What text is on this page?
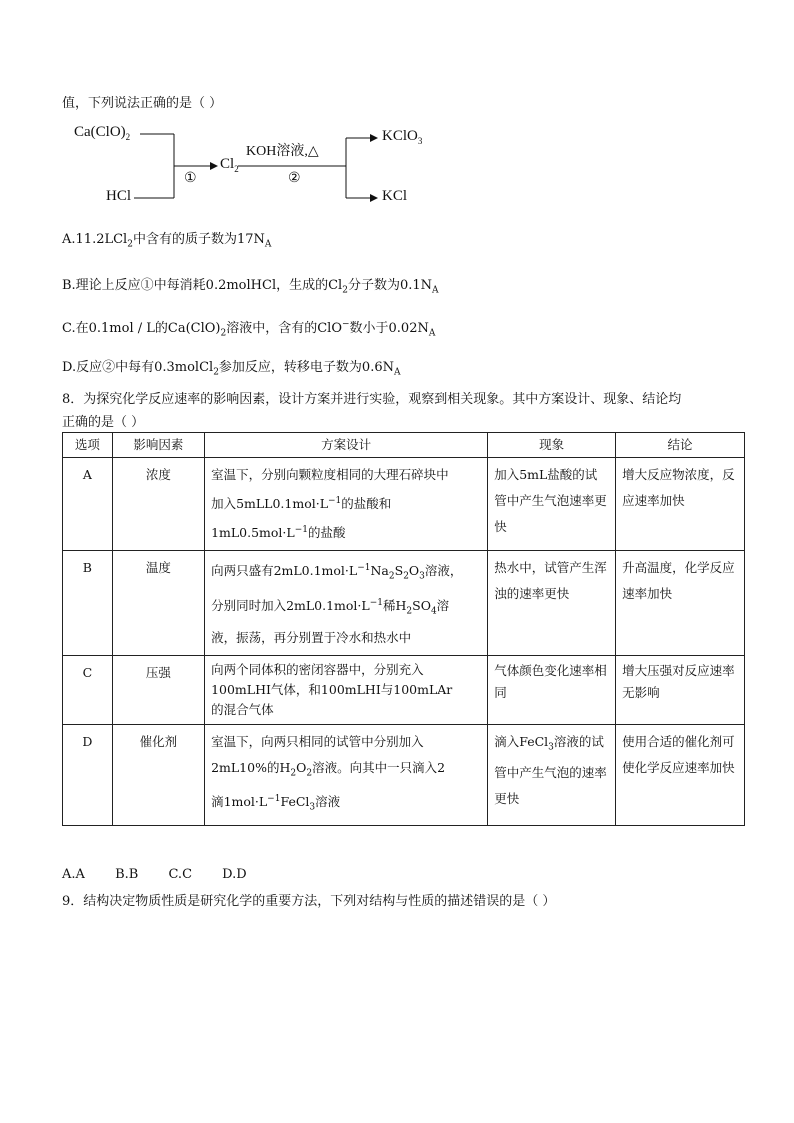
值，下列说法正确的是（ ）
$Ca(ClO)_2$
HCl
①
$Cl_2$
KOH溶液,△
②
KClO$_3$
KCl
A.11.2LCl$_2$中含有的质子数为$17N_A$
B.理论上反应①中每消耗0.2molHCl，生成的$Cl_2$分子数为$0.1N_A$
C.在0.1mol / L的$Ca(ClO)_2$溶液中，含有的ClO−数小于$0.02N_A$
D.反应②中每有0.3molCl$_2$参加反应，转移电子数为$0.6N_A$
8．为探究化学反应速率的影响因素，设计方案并进行实验，观察到相关现象。其中方案设计、现象、结论均
正确的是（ ）
选项	影响因素	方案设计	现象	结论
A	浓度	室温下，分别向颗粒度相同的大理石碎块中
加入$5mLL0.1mol\cdot L^{-1}$的盐酸和
$1mL0.5mol\cdot L^{-1}$的盐酸	加入5mL盐酸的试管中产生气泡速率更快	增大反应物浓度，反应速率加快
B	温度	向两只盛有$2mL0.1mol\cdot L^{-1}Na_2S_2O_3$溶液，
分别同时加入$2mL0.1mol\cdot L^{-1}$稀$H_2SO_4$溶
液，振荡，再分别置于冷水和热水中	热水中，试管产生浑浊的速率更快	升高温度，化学反应速率加快
C	压强	向两个同体积的密闭容器中，分别充入
100mLHI气体，和100mLHI与100mLAr
的混合气体	气体颜色变化速率相同	增大压强对反应速率无影响
D	催化剂	室温下，向两只相同的试管中分别加入
2mL10%的$H_2O_2$溶液。向其中一只滴入2
滴$1mol\cdot L^{-1}FeCl_3$溶液	滴入FeCl$_3$溶液的试管中产生气泡的速率更快	使用合适的催化剂可使化学反应速率加快
A.A B.B C.C D.D
9．结构决定物质性质是研究化学的重要方法，下列对结构与性质的描述错误的是（ ）
